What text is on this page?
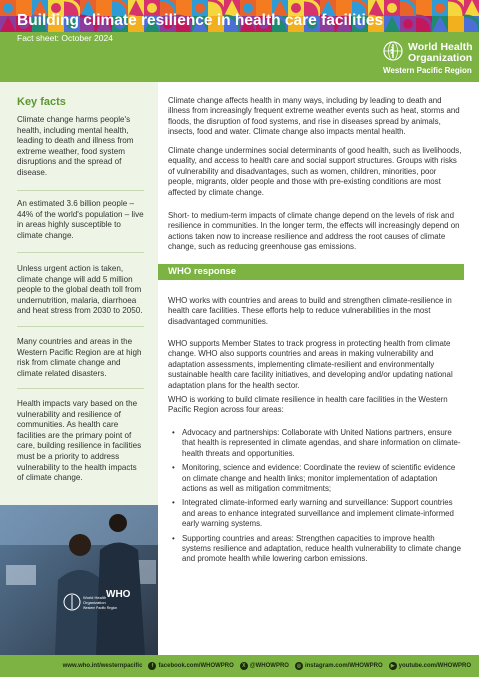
Building climate resilience in health care facilities
Fact sheet: October 2024
World Health
Organization
Western Pacific Region
Key facts
Climate change harms people's health, including mental health, leading to death and illness from extreme weather, food system disruptions and the spread of disease.
An estimated 3.6 billion people – 44% of the world's population – live in areas highly susceptible to climate change.
Unless urgent action is taken, climate change will add 5 million people to the global death toll from undernutrition, malaria, diarrhoea and heat stress from 2030 to 2050.
Many countries and areas in the Western Pacific Region are at high risk from climate change and climate related disasters.
Health impacts vary based on the vulnerability and resilience of communities. As health care facilities are the primary point of care, building resilience in facilities must be a priority to address vulnerability to the health impacts of climate change.

Climate change affects health in many ways, including by leading to death and illness from increasingly frequent extreme weather events such as heat, storms and floods, the disruption of food systems, and rise in diseases spread by animals, insects, food and water. Climate change also impacts mental health.

Climate change undermines social determinants of good health, such as livelihoods, equality, and access to health care and social support structures. Groups with risks of vulnerability and disadvantages, such as women, children, minorities, poor people, migrants, older people and those with pre-existing conditions are most affected by climate change.

Short- to medium-term impacts of climate change depend on the levels of risk and resilience in communities. In the longer term, the effects will increasingly depend on actions taken now to increase resilience and address the root causes of climate change, such as reducing greenhouse gas emissions.

WHO response

WHO works with countries and areas to build and strengthen climate-resilience in health care facilities. These efforts help to reduce vulnerabilities in the most disadvantaged communities.

WHO supports Member States to track progress in protecting health from climate change. WHO also supports countries and areas in making vulnerability and adaptation assessments, implementing climate-resilient and environmentally sustainable health care facility initiatives, and developing and/or updating national adaptation plans for the health sector.

WHO is working to build climate resilience in health care facilities in the Western Pacific Region across four areas:

• Advocacy and partnerships: Collaborate with United Nations partners, ensure that health is represented in climate agendas, and share information on climate-health threats and opportunities.
• Monitoring, science and evidence: Coordinate the review of scientific evidence on climate change and health links; monitor implementation of adaptation actions as well as mitigation commitments;
• Integrated climate-informed early warning and surveillance: Support countries and areas to enhance integrated surveillance and implement climate-informed early warning systems.
• Supporting countries and areas: Strengthen capacities to improve health systems resilience and adaptation, reduce health vulnerability to climate change and promote health while lowering carbon emissions.
World Health
Organization
Western Pacific Region
WHO
www.who.int/westernpacific	f facebook.com/WHOWPRO	X @WHOWPRO	◎ instagram.com/WHOWPRO	▶ youtube.com/WHOWPRO
